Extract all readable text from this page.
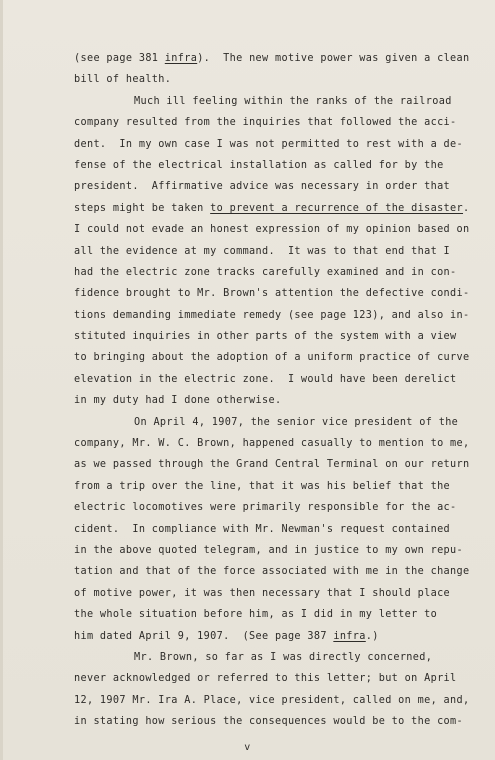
(see page 381 infra).  The new motive power was given a clean
bill of health.
Much ill feeling within the ranks of the railroad
company resulted from the inquiries that followed the acci-
dent.  In my own case I was not permitted to rest with a de-
fense of the electrical installation as called for by the
president.  Affirmative advice was necessary in order that
steps might be taken to prevent a recurrence of the disaster.
I could not evade an honest expression of my opinion based on
all the evidence at my command.  It was to that end that I
had the electric zone tracks carefully examined and in con-
fidence brought to Mr. Brown's attention the defective condi-
tions demanding immediate remedy (see page 123), and also in-
stituted inquiries in other parts of the system with a view
to bringing about the adoption of a uniform practice of curve
elevation in the electric zone.  I would have been derelict
in my duty had I done otherwise.
On April 4, 1907, the senior vice president of the
company, Mr. W. C. Brown, happened casually to mention to me,
as we passed through the Grand Central Terminal on our return
from a trip over the line, that it was his belief that the
electric locomotives were primarily responsible for the ac-
cident.  In compliance with Mr. Newman's request contained
in the above quoted telegram, and in justice to my own repu-
tation and that of the force associated with me in the change
of motive power, it was then necessary that I should place
the whole situation before him, as I did in my letter to
him dated April 9, 1907.  (See page 387 infra.)
Mr. Brown, so far as I was directly concerned,
never acknowledged or referred to this letter; but on April
12, 1907 Mr. Ira A. Place, vice president, called on me, and,
in stating how serious the consequences would be to the com-
v
